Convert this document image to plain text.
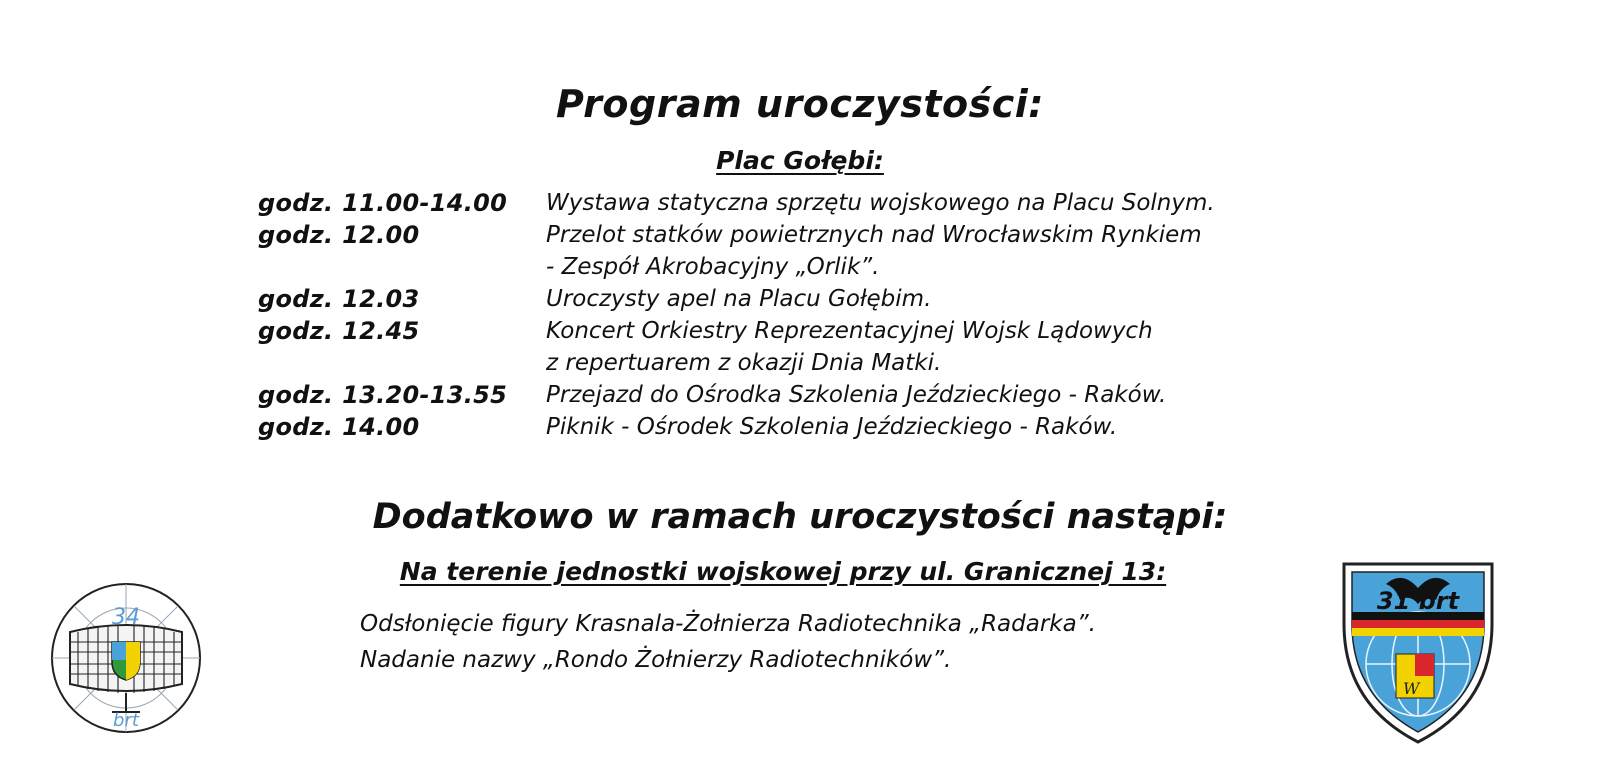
Program uroczystości:
Plac Gołębi:
godz. 11.00-14.00	Wystawa statyczna sprzętu wojskowego na Placu Solnym.
godz. 12.00	Przelot statków powietrznych nad Wrocławskim Rynkiem
- Zespół Akrobacyjny „Orlik”.
godz. 12.03	Uroczysty apel na Placu Gołębim.
godz. 12.45	Koncert Orkiestry Reprezentacyjnej Wojsk Lądowych
z repertuarem z okazji Dnia Matki.
godz. 13.20-13.55	Przejazd do Ośrodka Szkolenia Jeździeckiego - Raków.
godz. 14.00	Piknik - Ośrodek Szkolenia Jeździeckiego - Raków.
Dodatkowo w ramach uroczystości nastąpi:
Na terenie jednostki wojskowej przy ul. Granicznej 13:
Odsłonięcie figury Krasnala-Żołnierza Radiotechnika „Radarka”.
Nadanie nazwy „Rondo Żołnierzy Radiotechników”.
34
brt
W
31 brt
